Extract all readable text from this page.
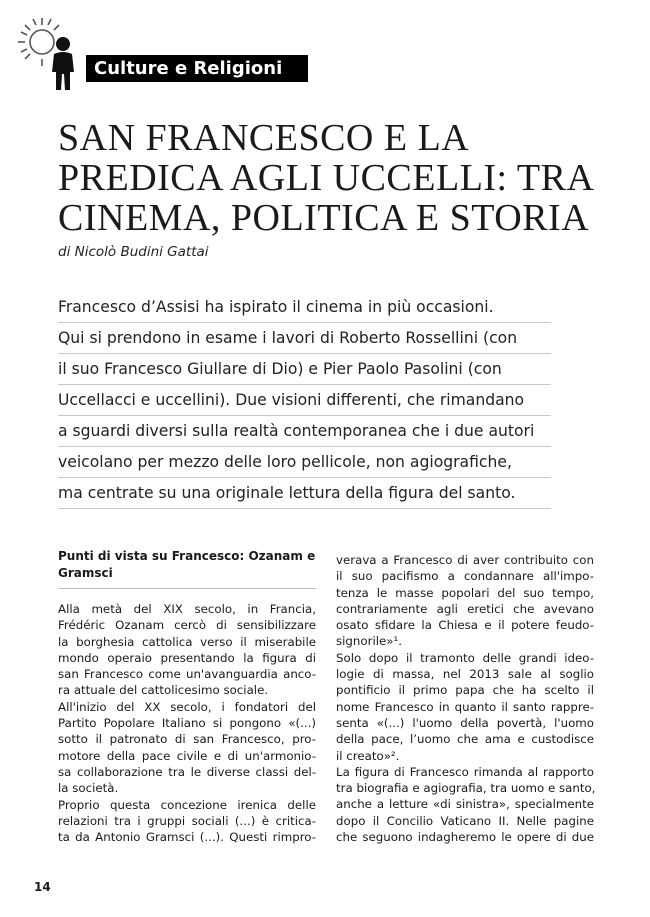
Culture e Religioni
SAN FRANCESCO E LA
PREDICA AGLI UCCELLI: TRA
CINEMA, POLITICA E STORIA
di Nicolò Budini Gattai
Francesco d’Assisi ha ispirato il cinema in più occasioni.
Qui si prendono in esame i lavori di Roberto Rossellini (con
il suo Francesco Giullare di Dio) e Pier Paolo Pasolini (con
Uccellacci e uccellini). Due visioni differenti, che rimandano
a sguardi diversi sulla realtà contemporanea che i due autori
veicolano per mezzo delle loro pellicole, non agiografiche,
ma centrate su una originale lettura della figura del santo.

Punti di vista su Francesco: Ozanam e

Gramsci

Alla metà del XIX secolo, in Francia,

Frédéric Ozanam cercò di sensibilizzare

la borghesia cattolica verso il miserabile

mondo operaio presentando la figura di

san Francesco come un'avanguardia anco-

ra attuale del cattolicesimo sociale.

All'inizio del XX secolo, i fondatori del

Partito Popolare Italiano si pongono «(...)

sotto il patronato di san Francesco, pro-

motore della pace civile e di un'armonio-

sa collaborazione tra le diverse classi del-

la società.

Proprio questa concezione irenica delle

relazioni tra i gruppi sociali (...) è critica-

ta da Antonio Gramsci (...). Questi rimpro-

verava a Francesco di aver contribuito con

il suo pacifismo a condannare all'impo-

tenza le masse popolari del suo tempo,

contrariamente agli eretici che avevano

osato sfidare la Chiesa e il potere feudo-

signorile»¹.

Solo dopo il tramonto delle grandi ideo-

logie di massa, nel 2013 sale al soglio

pontificio il primo papa che ha scelto il

nome Francesco in quanto il santo rappre-

senta «(...) l'uomo della povertà, l'uomo

della pace, l’uomo che ama e custodisce

il creato»².

La figura di Francesco rimanda al rapporto

tra biografia e agiografia, tra uomo e santo,

anche a letture «di sinistra», specialmente

dopo il Concilio Vaticano II. Nelle pagine

che seguono indagheremo le opere di due

14
